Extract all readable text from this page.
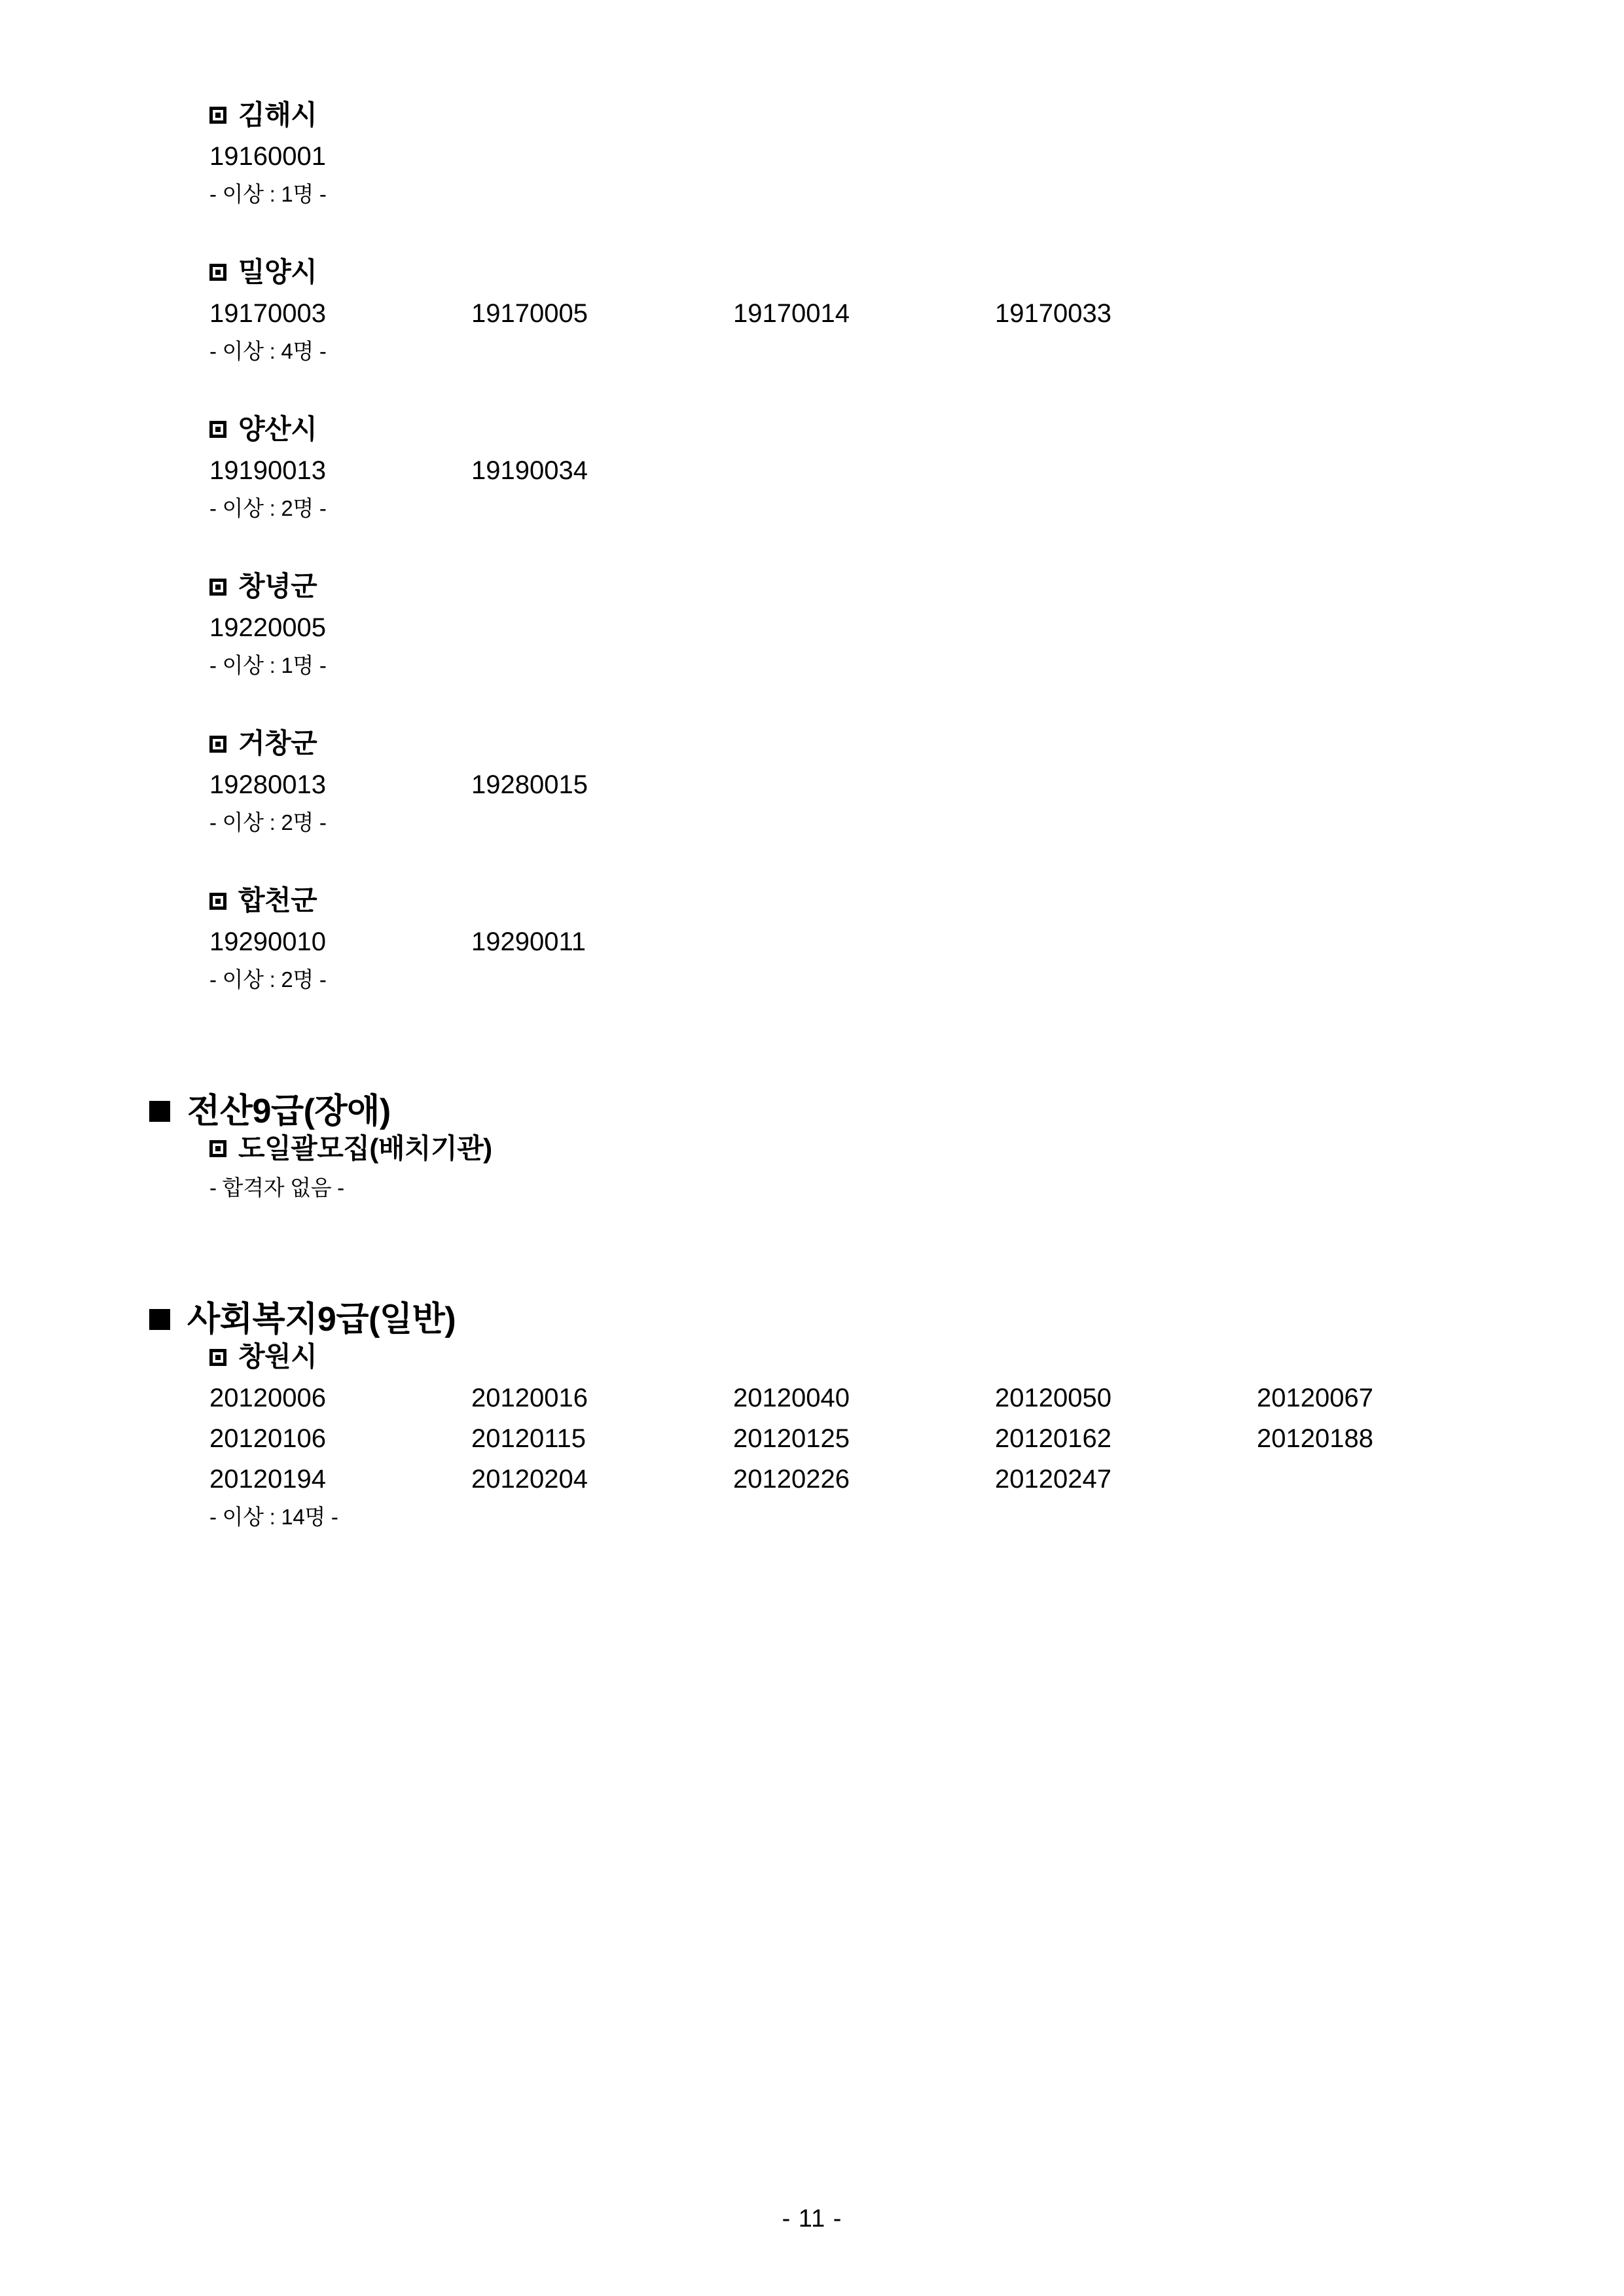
김해시
19160001
- 이상 : 1명 -
밀양시
19170003	19170005	19170014	19170033
- 이상 : 4명 -
양산시
19190013	19190034
- 이상 : 2명 -
창녕군
19220005
- 이상 : 1명 -
거창군
19280013	19280015
- 이상 : 2명 -
합천군
19290010	19290011
- 이상 : 2명 -
전산9급(장애)
도일괄모집(배치기관)
- 합격자 없음 -
사회복지9급(일반)
창원시
20120006	20120016	20120040	20120050	20120067
20120106	20120115	20120125	20120162	20120188
20120194	20120204	20120226	20120247
- 이상 : 14명 -
- 11 -
